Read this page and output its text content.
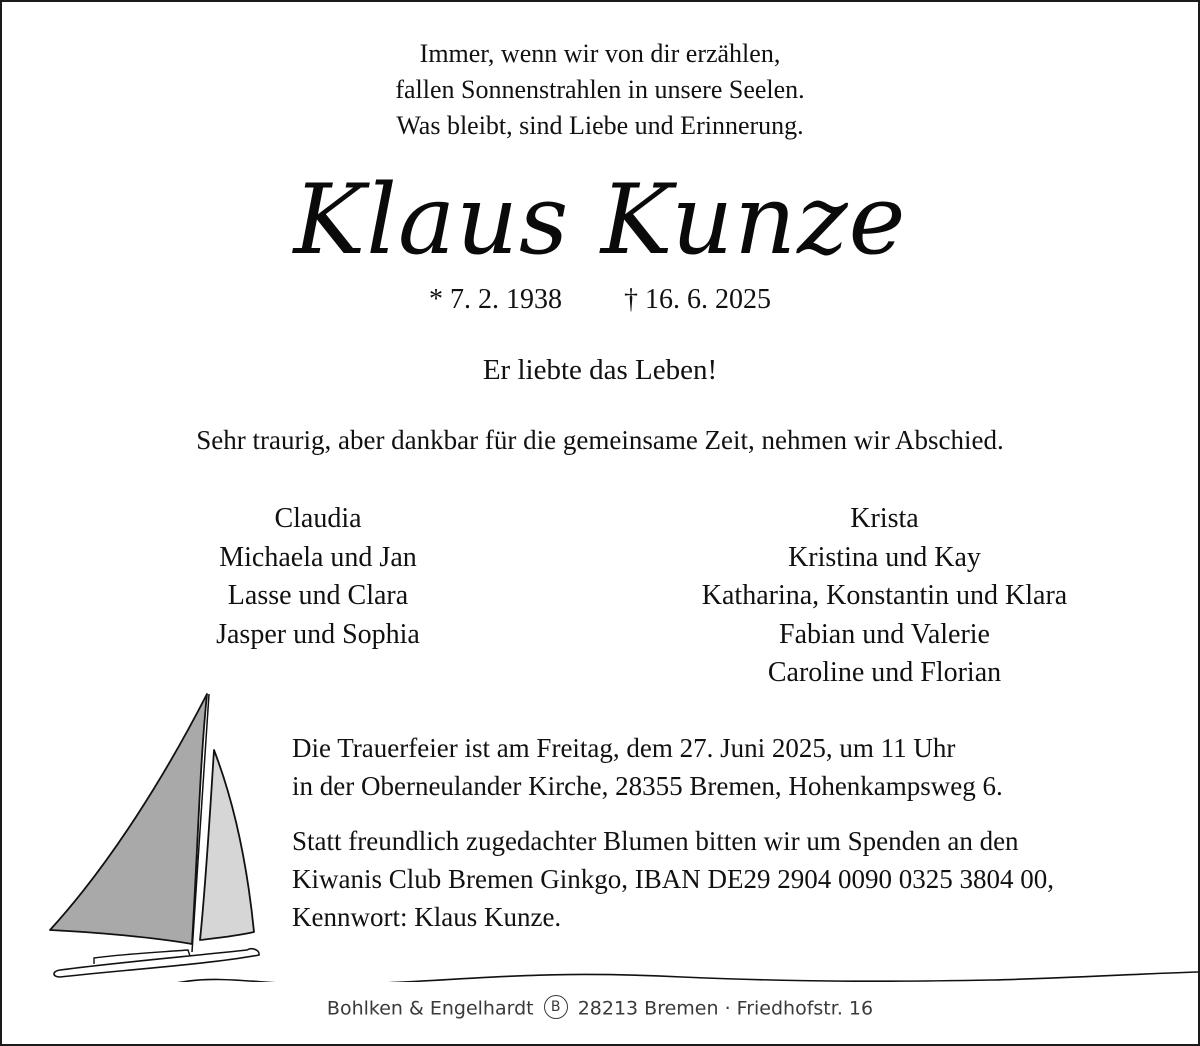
Immer, wenn wir von dir erzählen,
fallen Sonnenstrahlen in unsere Seelen.
Was bleibt, sind Liebe und Erinnerung.
Klaus Kunze
* 7. 2. 1938 † 16. 6. 2025
Er liebte das Leben!
Sehr traurig, aber dankbar für die gemeinsame Zeit, nehmen wir Abschied.
Claudia
Michaela und Jan
Lasse und Clara
Jasper und Sophia
Krista
Kristina und Kay
Katharina, Konstantin und Klara
Fabian und Valerie
Caroline und Florian
Die Trauerfeier ist am Freitag, dem 27. Juni 2025, um 11 Uhr
in der Oberneulander Kirche, 28355 Bremen, Hohenkampsweg 6.
Statt freundlich zugedachter Blumen bitten wir um Spenden an den
Kiwanis Club Bremen Ginkgo, IBAN DE29 2904 0090 0325 3804 00,
Kennwort: Klaus Kunze.
Bohlken & Engelhardt B 28213 Bremen · Friedhofstr. 16
